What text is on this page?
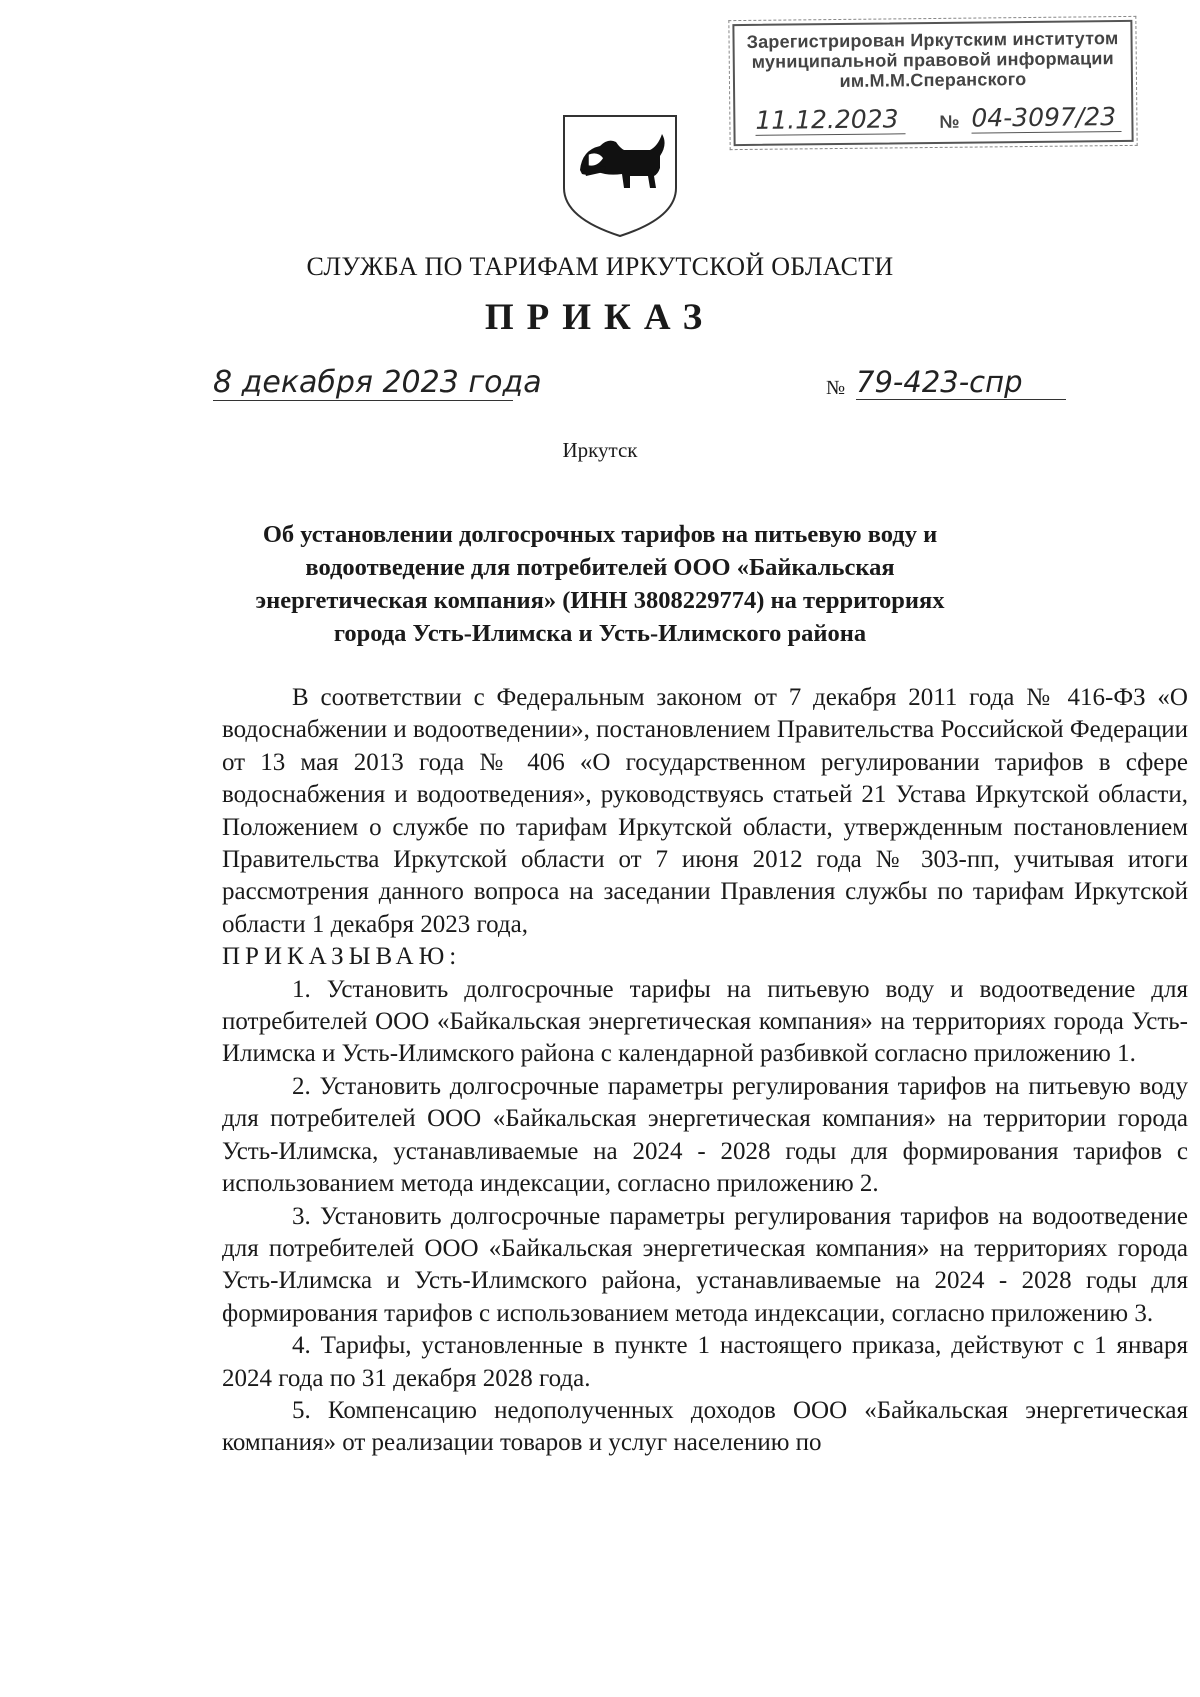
Зарегистрирован Иркутским институтом
муниципальной правовой информации
им.М.М.Сперанского
11.12.2023	№ 04-3097/23
СЛУЖБА ПО ТАРИФАМ ИРКУТСКОЙ ОБЛАСТИ
ПРИКАЗ
8 декабря 2023 года	№ 79-423-спр
Иркутск
Об установлении долгосрочных тарифов на питьевую воду и водоотведение для потребителей ООО «Байкальская энергетическая компания» (ИНН 3808229774) на территориях города Усть-Илимска и Усть-Илимского района

В соответствии с Федеральным законом от 7 декабря 2011 года № 416-ФЗ «О водоснабжении и водоотведении», постановлением Правительства Российской Федерации от 13 мая 2013 года № 406 «О государственном регулировании тарифов в сфере водоснабжения и водоотведения», руководствуясь статьей 21 Устава Иркутской области, Положением о службе по тарифам Иркутской области, утвержденным постановлением Правительства Иркутской области от 7 июня 2012 года № 303-пп, учитывая итоги рассмотрения данного вопроса на заседании Правления службы по тарифам Иркутской области 1 декабря 2023 года,

ПРИКАЗЫВАЮ:

1. Установить долгосрочные тарифы на питьевую воду и водоотведение для потребителей ООО «Байкальская энергетическая компания» на территориях города Усть-Илимска и Усть-Илимского района с календарной разбивкой согласно приложению 1.

2. Установить долгосрочные параметры регулирования тарифов на питьевую воду для потребителей ООО «Байкальская энергетическая компания» на территории города Усть-Илимска, устанавливаемые на 2024 - 2028 годы для формирования тарифов с использованием метода индексации, согласно приложению 2.

3. Установить долгосрочные параметры регулирования тарифов на водоотведение для потребителей ООО «Байкальская энергетическая компания» на территориях города Усть-Илимска и Усть-Илимского района, устанавливаемые на 2024 - 2028 годы для формирования тарифов с использованием метода индексации, согласно приложению 3.

4. Тарифы, установленные в пункте 1 настоящего приказа, действуют с 1 января 2024 года по 31 декабря 2028 года.

5. Компенсацию недополученных доходов ООО «Байкальская энергетическая компания» от реализации товаров и услуг населению по
